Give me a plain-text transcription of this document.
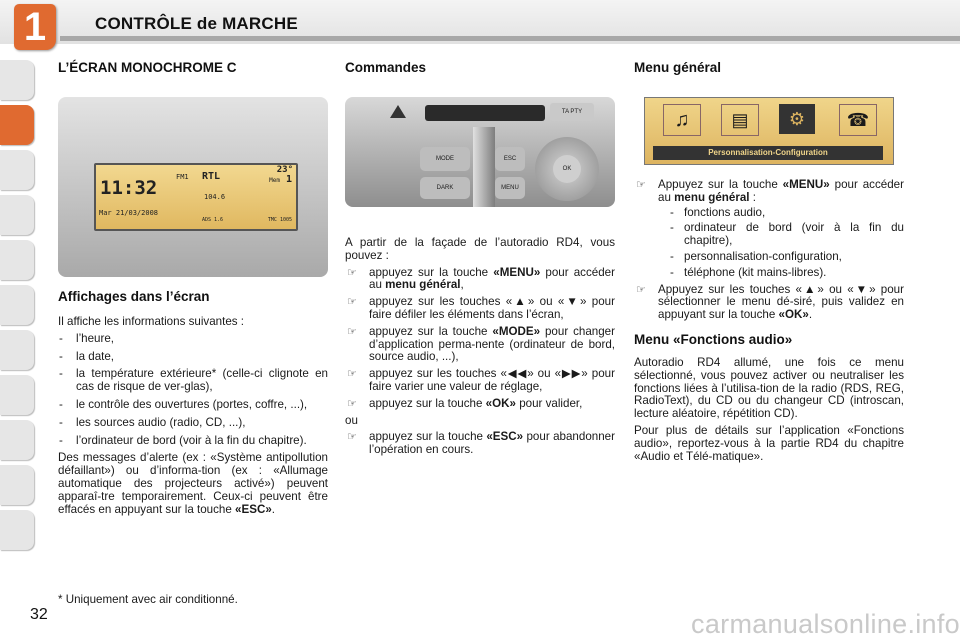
1	CONTRÔLE de MARCHE
L’ÉCRAN MONOCHROME C
11:32
Mar 21/03/2008
FM1 RTL
23°
Mem 1
104.6
ADS 1.6	TMC 1005
Affichages dans l’écran

Il affiche les informations suivantes :

- l’heure,
- la date,
- la température extérieure* (celle-ci clignote en cas de risque de ver-glas),
- le contrôle des ouvertures (portes, coffre, ...),
- les sources audio (radio, CD, ...),
- l’ordinateur de bord (voir à la fin du chapitre).

Des messages d’alerte (ex : «Système antipollution défaillant») ou d’informa-tion (ex : «Allumage automatique des projecteurs activé») peuvent apparaî-tre temporairement. Ceux-ci peuvent être effacés en appuyant sur la touche «ESC».

* Uniquement avec air conditionné.
Commandes
TA PTY
MODE
DARK
ESC
MENU
OK

A partir de la façade de l’autoradio RD4, vous pouvez :

☞ appuyez sur la touche «MENU» pour accéder au menu général,
☞ appuyez sur les touches «▲» ou «▼» pour faire défiler les éléments dans l’écran,
☞ appuyez sur la touche «MODE» pour changer d’application perma-nente (ordinateur de bord, source audio, ...),
☞ appuyez sur les touches «◀◀» ou «▶▶» pour faire varier une valeur de réglage,
☞ appuyez sur la touche «OK» pour valider,

ou

☞ appuyez sur la touche «ESC» pour abandonner l’opération en cours.
Menu général
♫	▤	⚙	☎
Personnalisation-Configuration
☞ Appuyez sur la touche «MENU» pour accéder au menu général :
- fonctions audio,
- ordinateur de bord (voir à la fin du chapitre),
- personnalisation-configuration,
- téléphone (kit mains-libres).
☞ Appuyez sur les touches «▲» ou «▼» pour sélectionner le menu dé-siré, puis validez en appuyant sur la touche «OK».
Menu «Fonctions audio»

Autoradio RD4 allumé, une fois ce menu sélectionné, vous pouvez activer ou neutraliser les fonctions liées à l’utilisa-tion de la radio (RDS, REG, RadioText), du CD ou du changeur CD (introscan, lecture aléatoire, répétition CD).

Pour plus de détails sur l’application «Fonctions audio», reportez-vous à la partie RD4 du chapitre «Audio et Télé-matique».

32	carmanualsonline.info
